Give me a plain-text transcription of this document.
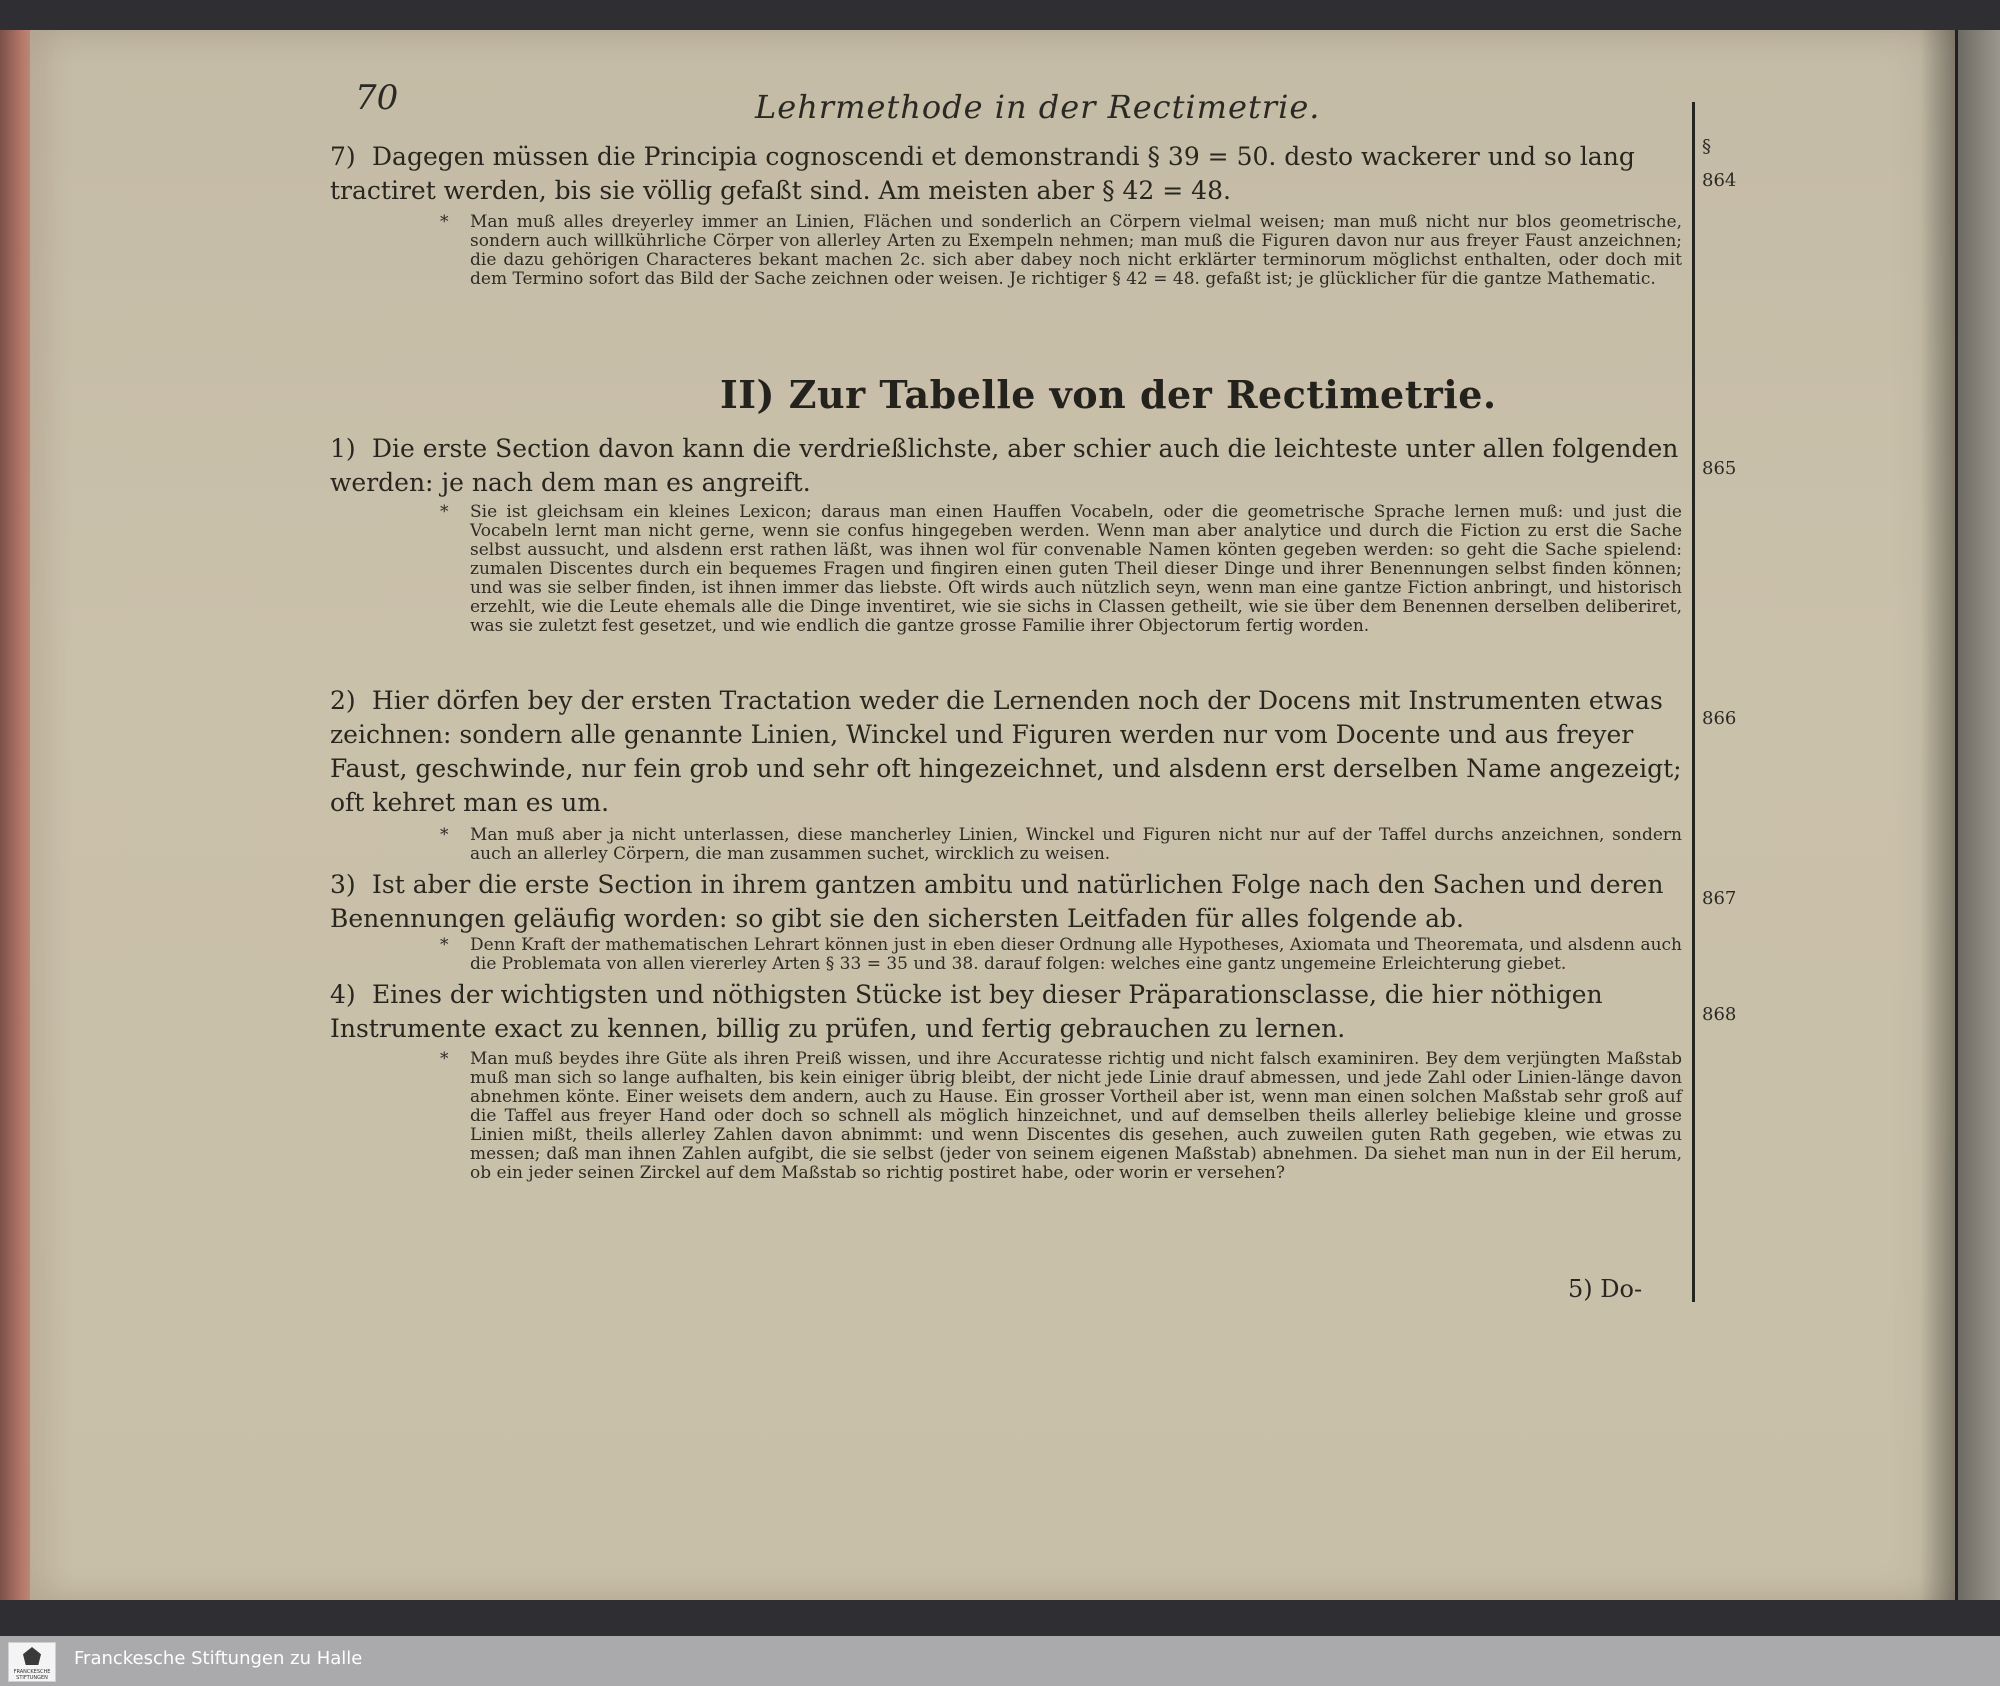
70	Lehrmethode in der Rectimetrie.
§
864
865
866
867
868
7) Dagegen müssen die Principia cognoscendi et demonstrandi § 39 = 50. desto wackerer und so lang tractiret werden, bis sie völlig gefaßt sind. Am meisten aber § 42 = 48.

* Man muß alles dreyerley immer an Linien, Flächen und sonderlich an Cörpern vielmal weisen; man muß nicht nur blos geometrische, sondern auch willkührliche Cörper von allerley Arten zu Exempeln nehmen; man muß die Figuren davon nur aus freyer Faust anzeichnen; die dazu gehörigen Characteres bekant machen 2c. sich aber dabey noch nicht erklärter terminorum möglichst enthalten, oder doch mit dem Termino sofort das Bild der Sache zeichnen oder weisen. Je richtiger § 42 = 48. gefaßt ist; je glücklicher für die gantze Mathematic.
II) Zur Tabelle von der Rectimetrie.
1) Die erste Section davon kann die verdrießlichste, aber schier auch die leichteste unter allen folgenden werden: je nach dem man es angreift.

* Sie ist gleichsam ein kleines Lexicon; daraus man einen Hauffen Vocabeln, oder die geometrische Sprache lernen muß: und just die Vocabeln lernt man nicht gerne, wenn sie confus hingegeben werden. Wenn man aber analytice und durch die Fiction zu erst die Sache selbst aussucht, und alsdenn erst rathen läßt, was ihnen wol für convenable Namen könten gegeben werden: so geht die Sache spielend: zumalen Discentes durch ein bequemes Fragen und fingiren einen guten Theil dieser Dinge und ihrer Benennungen selbst finden können; und was sie selber finden, ist ihnen immer das liebste. Oft wirds auch nützlich seyn, wenn man eine gantze Fiction anbringt, und historisch erzehlt, wie die Leute ehemals alle die Dinge inventiret, wie sie sichs in Classen getheilt, wie sie über dem Benennen derselben deliberiret, was sie zuletzt fest gesetzet, und wie endlich die gantze grosse Familie ihrer Objectorum fertig worden.
2) Hier dörfen bey der ersten Tractation weder die Lernenden noch der Docens mit Instrumenten etwas zeichnen: sondern alle genannte Linien, Winckel und Figuren werden nur vom Docente und aus freyer Faust, geschwinde, nur fein grob und sehr oft hingezeichnet, und alsdenn erst derselben Name angezeigt; oft kehret man es um.

* Man muß aber ja nicht unterlassen, diese mancherley Linien, Winckel und Figuren nicht nur auf der Taffel durchs anzeichnen, sondern auch an allerley Cörpern, die man zusammen suchet, wircklich zu weisen.
3) Ist aber die erste Section in ihrem gantzen ambitu und natürlichen Folge nach den Sachen und deren Benennungen geläufig worden: so gibt sie den sichersten Leitfaden für alles folgende ab.

* Denn Kraft der mathematischen Lehrart können just in eben dieser Ordnung alle Hypotheses, Axiomata und Theoremata, und alsdenn auch die Problemata von allen viererley Arten § 33 = 35 und 38. darauf folgen: welches eine gantz ungemeine Erleichterung giebet.
4) Eines der wichtigsten und nöthigsten Stücke ist bey dieser Präparationsclasse, die hier nöthigen Instrumente exact zu kennen, billig zu prüfen, und fertig gebrauchen zu lernen.

* Man muß beydes ihre Güte als ihren Preiß wissen, und ihre Accuratesse richtig und nicht falsch examiniren. Bey dem verjüngten Maßstab muß man sich so lange aufhalten, bis kein einiger übrig bleibt, der nicht jede Linie drauf abmessen, und jede Zahl oder Linien-länge davon abnehmen könte. Einer weisets dem andern, auch zu Hause. Ein grosser Vortheil aber ist, wenn man einen solchen Maßstab sehr groß auf die Taffel aus freyer Hand oder doch so schnell als möglich hinzeichnet, und auf demselben theils allerley beliebige kleine und grosse Linien mißt, theils allerley Zahlen davon abnimmt: und wenn Discentes dis gesehen, auch zuweilen guten Rath gegeben, wie etwas zu messen; daß man ihnen Zahlen aufgibt, die sie selbst (jeder von seinem eigenen Maßstab) abnehmen. Da siehet man nun in der Eil herum, ob ein jeder seinen Zirckel auf dem Maßstab so richtig postiret habe, oder worin er versehen?
5) Do-
FRANCKESCHE STIFTUNGEN
Franckesche Stiftungen zu Halle
